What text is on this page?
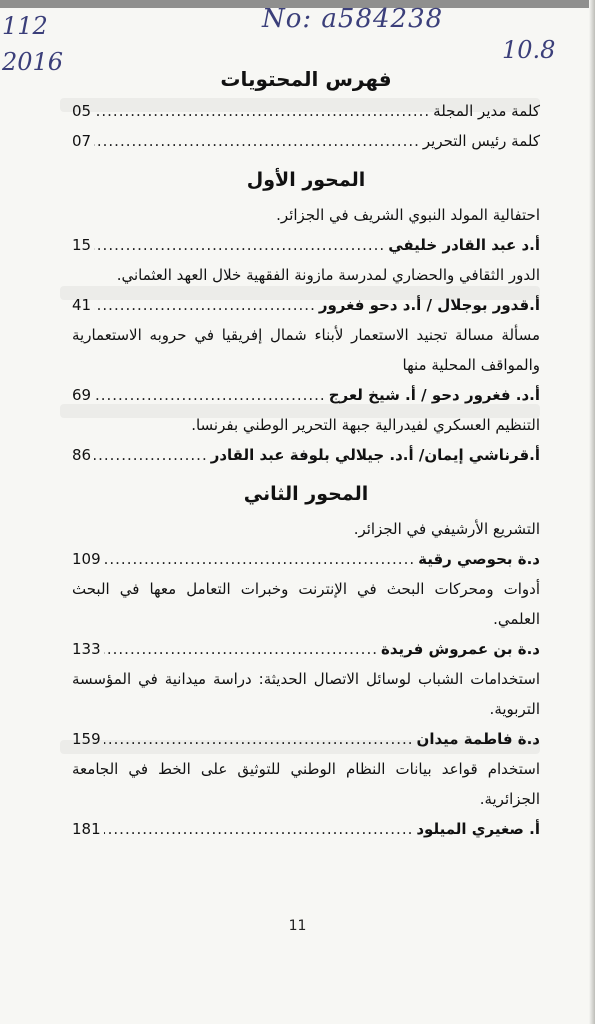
112
2016
No: a584238
10.8
فهرس المحتويات
كلمة مدير المجلة
.....
05
كلمة رئيس التحرير
.....
07
المحور الأول
احتفالية المولد النبوي الشريف في الجزائر.
أ.د عبد القادر خليفي
.....
15
الدور الثقافي والحضاري لمدرسة مازونة الفقهية خلال العهد العثماني.
أ.قدور بوجلال / أ.د دحو فغرور
.....
41
مسألة مسالة تجنيد الاستعمار لأبناء شمال إفريقيا في حروبه الاستعمارية والمواقف المحلية منها
أ.د. فغرور دحو / أ. شيخ لعرج
.....
69
التنظيم العسكري لفيدرالية جبهة التحرير الوطني بفرنسا.
أ.قرناشي إيمان/ أ.د. جيلالي بلوفة عبد القادر
.....
86
المحور الثاني
التشريع الأرشيفي في الجزائر.
د.ة بحوصي رقية
.....
109
أدوات ومحركات البحث في الإنترنت وخبرات التعامل معها في البحث العلمي.
د.ة بن عمروش فريدة
.....
133
استخدامات الشباب لوسائل الاتصال الحديثة: دراسة ميدانية في المؤسسة التربوية.
د.ة فاطمة ميدان
.....
159
استخدام قواعد بيانات النظام الوطني للتوثيق على الخط في الجامعة الجزائرية.
أ. صغيري الميلود
.....
181
11
